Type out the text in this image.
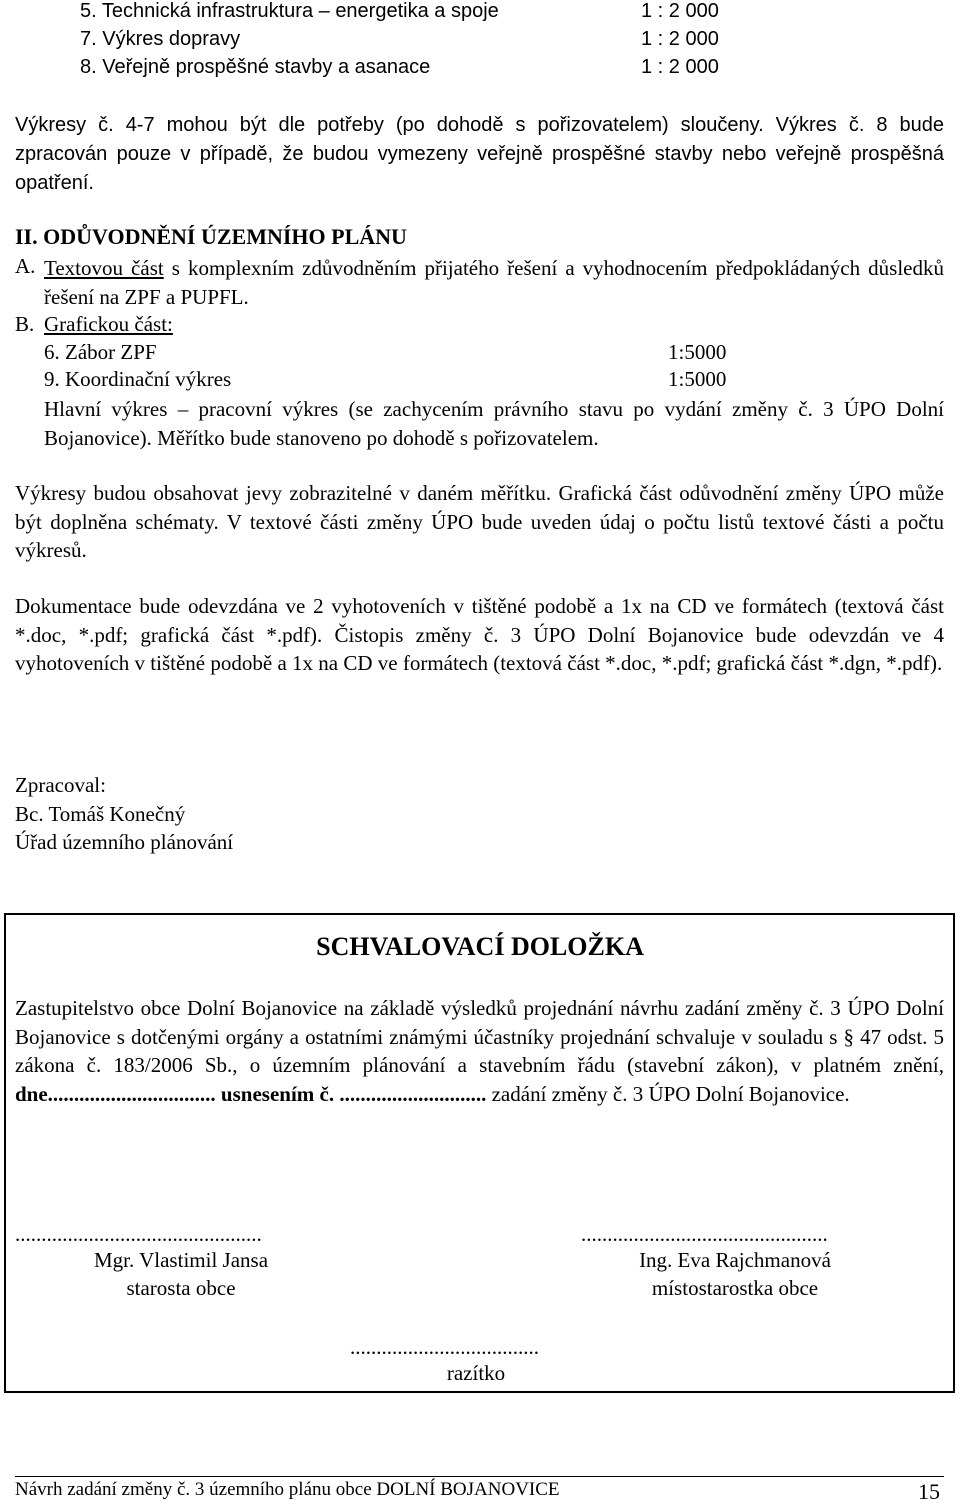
5. Technická infrastruktura – energetika a spoje	1 : 2 000
7. Výkres dopravy	1 : 2 000
8. Veřejně prospěšné stavby a asanace	1 : 2 000
Výkresy č. 4-7 mohou být dle potřeby (po dohodě s pořizovatelem) sloučeny. Výkres č. 8 bude zpracován pouze v případě, že budou vymezeny veřejně prospěšné stavby nebo veřejně prospěšná opatření.
II. ODŮVODNĚNÍ ÚZEMNÍHO PLÁNU
A. Textovou část s komplexním zdůvodněním přijatého řešení a vyhodnocením předpokládaných důsledků řešení na ZPF a PUPFL.
B. Grafickou část:
6. Zábor ZPF	1:5000
9. Koordinační výkres	1:5000
Hlavní výkres – pracovní výkres (se zachycením právního stavu po vydání změny č. 3 ÚPO Dolní Bojanovice). Měřítko bude stanoveno po dohodě s pořizovatelem.
Výkresy budou obsahovat jevy zobrazitelné v daném měřítku. Grafická část odůvodnění změny ÚPO může být doplněna schématy. V textové části změny ÚPO bude uveden údaj o počtu listů textové části a počtu výkresů.
Dokumentace bude odevzdána ve 2 vyhotoveních v tištěné podobě a 1x na CD ve formátech (textová část *.doc, *.pdf; grafická část *.pdf). Čistopis změny č. 3 ÚPO Dolní Bojanovice bude odevzdán ve 4 vyhotoveních v tištěné podobě a 1x na CD ve formátech (textová část *.doc, *.pdf; grafická část *.dgn, *.pdf).
Zpracoval:
Bc. Tomáš Konečný
Úřad územního plánování
SCHVALOVACÍ DOLOŽKA
Zastupitelstvo obce Dolní Bojanovice na základě výsledků projednání návrhu zadání změny č. 3 ÚPO Dolní Bojanovice s dotčenými orgány a ostatními známými účastníky projednání schvaluje v souladu s § 47 odst. 5 zákona č. 183/2006 Sb., o územním plánování a stavebním řádu (stavební zákon), v platném znění, dne................................ usnesením č. ............................ zadání změny č. 3 ÚPO Dolní Bojanovice.
...............................................	...............................................
Mgr. Vlastimil Jansa
starosta obce
Ing. Eva Rajchmanová
místostarostka obce
....................................
razítko
Návrh zadání změny č. 3 územního plánu obce DOLNÍ BOJANOVICE	15
